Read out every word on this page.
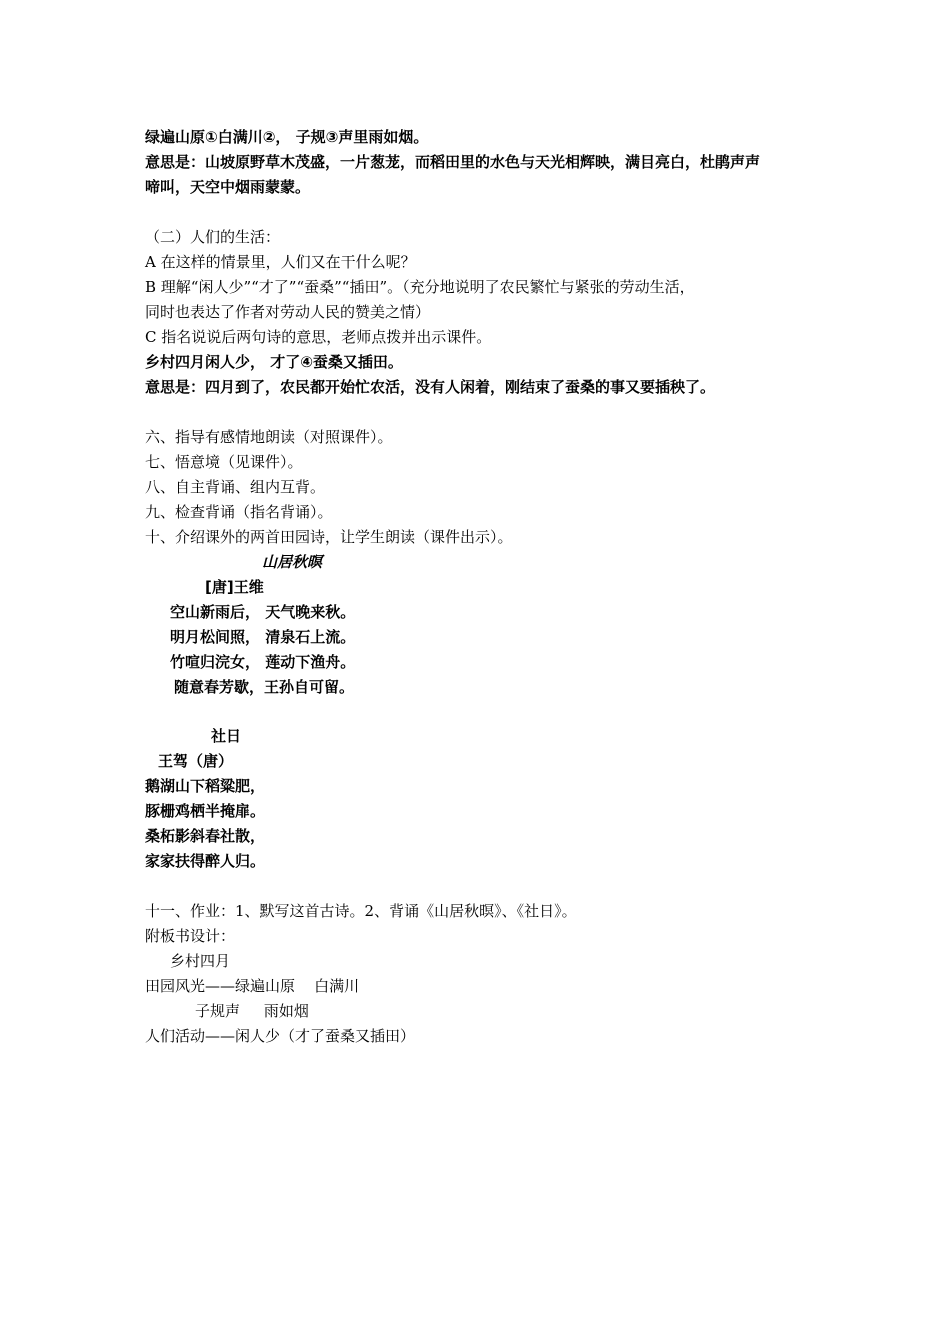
绿遍山原①白满川②， 子规③声里雨如烟。
意思是：山坡原野草木茂盛，一片葱茏，而稻田里的水色与天光相辉映，满目亮白，杜鹃声声
啼叫，天空中烟雨蒙蒙。
（二）人们的生活：
A 在这样的情景里，人们又在干什么呢？
B 理解“闲人少”“才了”“蚕桑”“插田”。（充分地说明了农民繁忙与紧张的劳动生活，
同时也表达了作者对劳动人民的赞美之情）
C 指名说说后两句诗的意思，老师点拨并出示课件。
乡村四月闲人少， 才了④蚕桑又插田。
意思是：四月到了，农民都开始忙农活，没有人闲着，刚结束了蚕桑的事又要插秧了。
六、指导有感情地朗读（对照课件）。
七、悟意境（见课件）。
八、自主背诵、组内互背。
九、检查背诵（指名背诵）。
十、介绍课外的两首田园诗，让学生朗读（课件出示）。
山居秋暝
[唐]王维
空山新雨后， 天气晚来秋。
明月松间照， 清泉石上流。
竹喧归浣女， 莲动下渔舟。
随意春芳歇，王孙自可留。
社日
王驾（唐）
鹅湖山下稻粱肥，
豚栅鸡栖半掩扉。
桑柘影斜春社散，
家家扶得醉人归。
十一、作业：1、默写这首古诗。2、背诵《山居秋暝》、《社日》。
附板书设计：
乡村四月
田园风光——绿遍山原    白满川
子规声     雨如烟
人们活动——闲人少（才了蚕桑又插田）
